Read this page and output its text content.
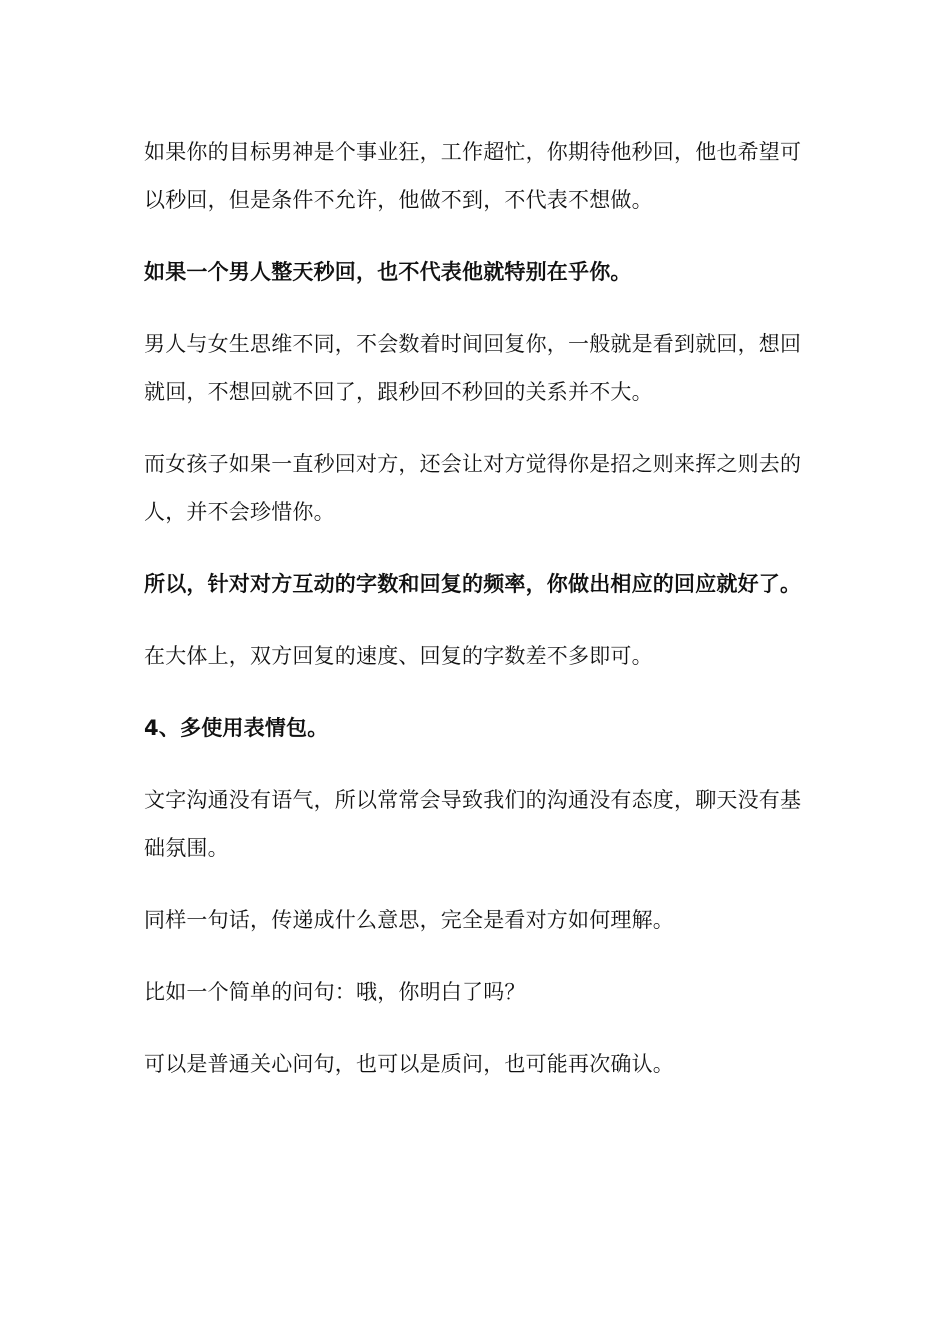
如果你的目标男神是个事业狂，工作超忙，你期待他秒回，他也希望可以秒回，但是条件不允许，他做不到，不代表不想做。

如果一个男人整天秒回，也不代表他就特别在乎你。

男人与女生思维不同，不会数着时间回复你，一般就是看到就回，想回就回，不想回就不回了，跟秒回不秒回的关系并不大。

而女孩子如果一直秒回对方，还会让对方觉得你是招之则来挥之则去的人，并不会珍惜你。

所以，针对对方互动的字数和回复的频率，你做出相应的回应就好了。

在大体上，双方回复的速度、回复的字数差不多即可。

4、多使用表情包。

文字沟通没有语气，所以常常会导致我们的沟通没有态度，聊天没有基础氛围。

同样一句话，传递成什么意思，完全是看对方如何理解。

比如一个简单的问句：哦，你明白了吗？

可以是普通关心问句，也可以是质问，也可能再次确认。
